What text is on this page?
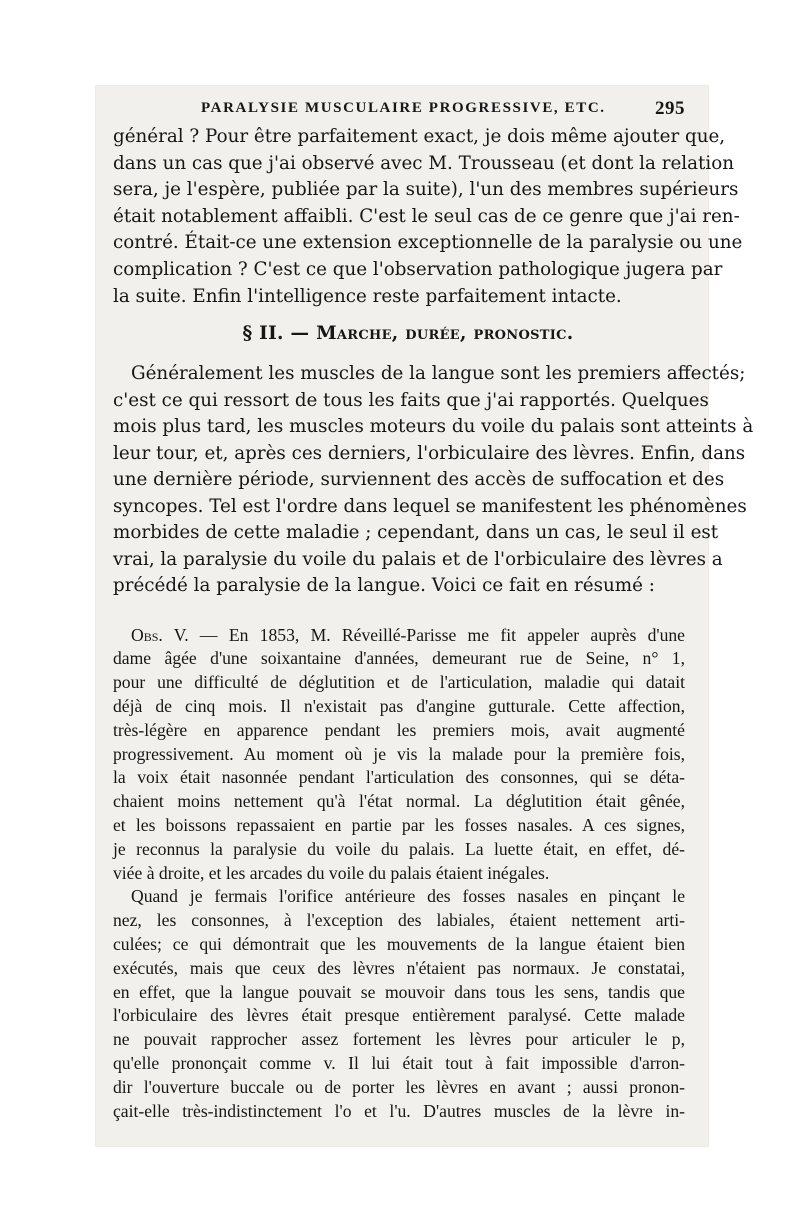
PARALYSIE MUSCULAIRE PROGRESSIVE, ETC.	295
général ? Pour être parfaitement exact, je dois même ajouter que,
dans un cas que j'ai observé avec M. Trousseau (et dont la relation
sera, je l'espère, publiée par la suite), l'un des membres supérieurs
était notablement affaibli. C'est le seul cas de ce genre que j'ai ren-
contré. Était-ce une extension exceptionnelle de la paralysie ou une
complication ? C'est ce que l'observation pathologique jugera par
la suite. Enfin l'intelligence reste parfaitement intacte.
§ II. — Marche, durée, pronostic.
Généralement les muscles de la langue sont les premiers affectés;
c'est ce qui ressort de tous les faits que j'ai rapportés. Quelques
mois plus tard, les muscles moteurs du voile du palais sont atteints à
leur tour, et, après ces derniers, l'orbiculaire des lèvres. Enfin, dans
une dernière période, surviennent des accès de suffocation et des
syncopes. Tel est l'ordre dans lequel se manifestent les phénomènes
morbides de cette maladie ; cependant, dans un cas, le seul il est
vrai, la paralysie du voile du palais et de l'orbiculaire des lèvres a
précédé la paralysie de la langue. Voici ce fait en résumé :
Obs. V. — En 1853, M. Réveillé-Parisse me fit appeler auprès d'une
dame âgée d'une soixantaine d'années, demeurant rue de Seine, n° 1,
pour une difficulté de déglutition et de l'articulation, maladie qui datait
déjà de cinq mois. Il n'existait pas d'angine gutturale. Cette affection,
très-légère en apparence pendant les premiers mois, avait augmenté
progressivement. Au moment où je vis la malade pour la première fois,
la voix était nasonnée pendant l'articulation des consonnes, qui se déta-
chaient moins nettement qu'à l'état normal. La déglutition était gênée,
et les boissons repassaient en partie par les fosses nasales. A ces signes,
je reconnus la paralysie du voile du palais. La luette était, en effet, dé-
viée à droite, et les arcades du voile du palais étaient inégales.
Quand je fermais l'orifice antérieure des fosses nasales en pinçant le
nez, les consonnes, à l'exception des labiales, étaient nettement arti-
culées; ce qui démontrait que les mouvements de la langue étaient bien
exécutés, mais que ceux des lèvres n'étaient pas normaux. Je constatai,
en effet, que la langue pouvait se mouvoir dans tous les sens, tandis que
l'orbiculaire des lèvres était presque entièrement paralysé. Cette malade
ne pouvait rapprocher assez fortement les lèvres pour articuler le p,
qu'elle prononçait comme v. Il lui était tout à fait impossible d'arron-
dir l'ouverture buccale ou de porter les lèvres en avant ; aussi pronon-
çait-elle très-indistinctement l'o et l'u. D'autres muscles de la lèvre in-
